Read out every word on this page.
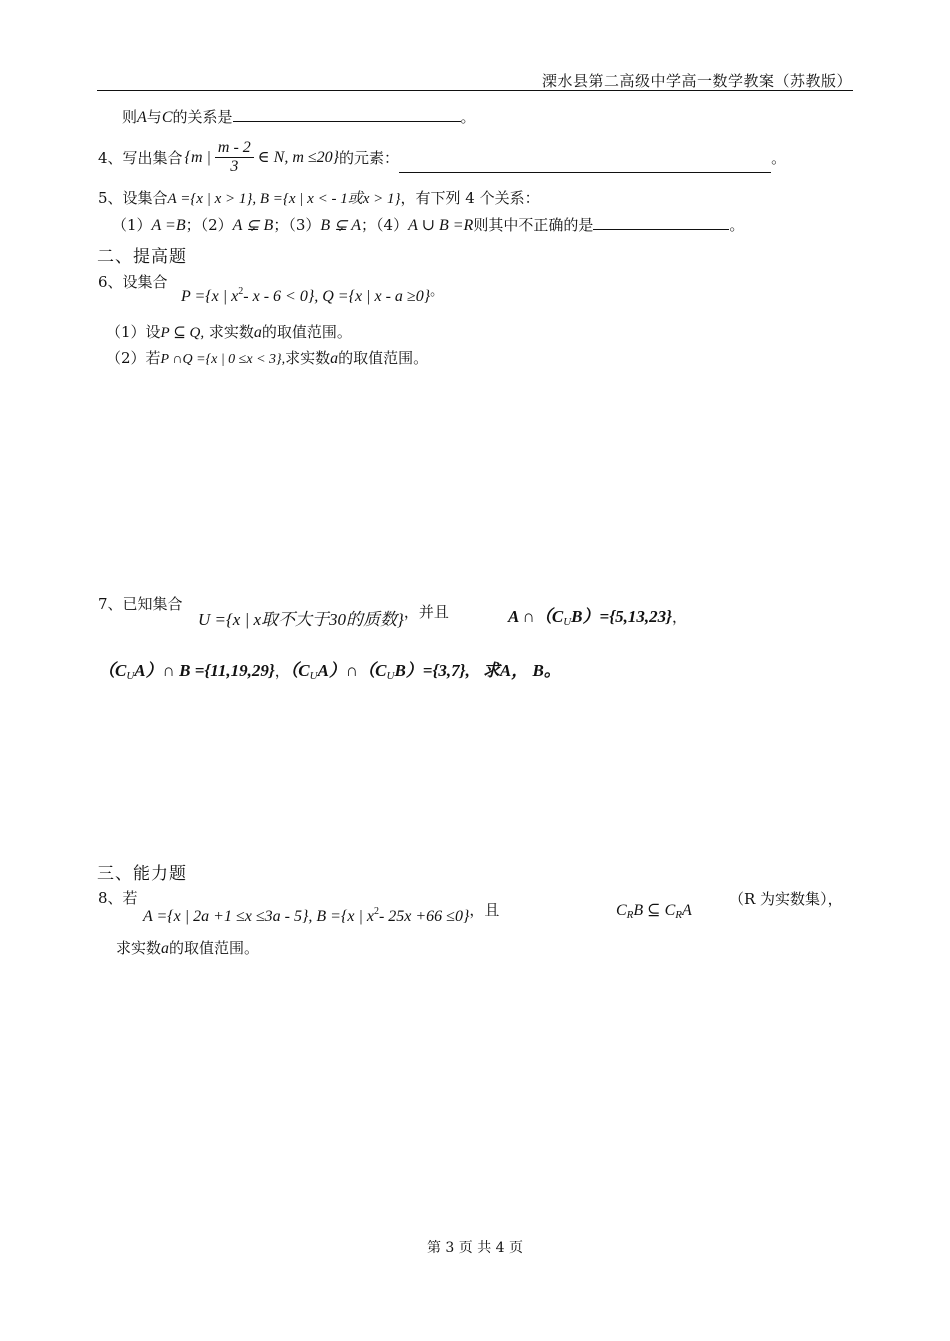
溧水县第二高级中学高一数学教案（苏教版）
则A与C的关系是	。
4、写出集合 {m | $\frac{m - 2}{3}$ ∈ N, m ≤20} 的元素：	。
5、设集合A ={x | x > 1}, B ={x | x < - 1或x > 1}，有下列 4 个关系：
（1）A =B；（2）A ⊊ B；（3）B ⊊ A；（4）A ∪ B =R则其中不正确的是	。
二、提高题
6、设集合
P ={x | $x^2-$ x - 6 < 0}, Q ={x | x - a ≥0}。
（1）设P ⊆ Q, 求实数a的取值范围。
（2）若P ∩Q ={x | 0 ≤x < 3},求实数a的取值范围。
7、已知集合
U ={x | x取不大于30的质数}，并且	A $\cap(C_UB)=\{5,13,23\}$，
$(C_UA)\cap$ B ={11,19,29}，$(C_UA)\cap(C_UB)=\{3,7\}$, 求A， B。
三、能力题
8、若
A ={x | 2a +1 ≤x ≤3a - 5}, B ={x | $x^2-$ 25x +66 ≤0}，且	$C_RB$ ⊆ $C_RA$
（R 为实数集），
求实数a的取值范围。
第 3 页 共 4 页
